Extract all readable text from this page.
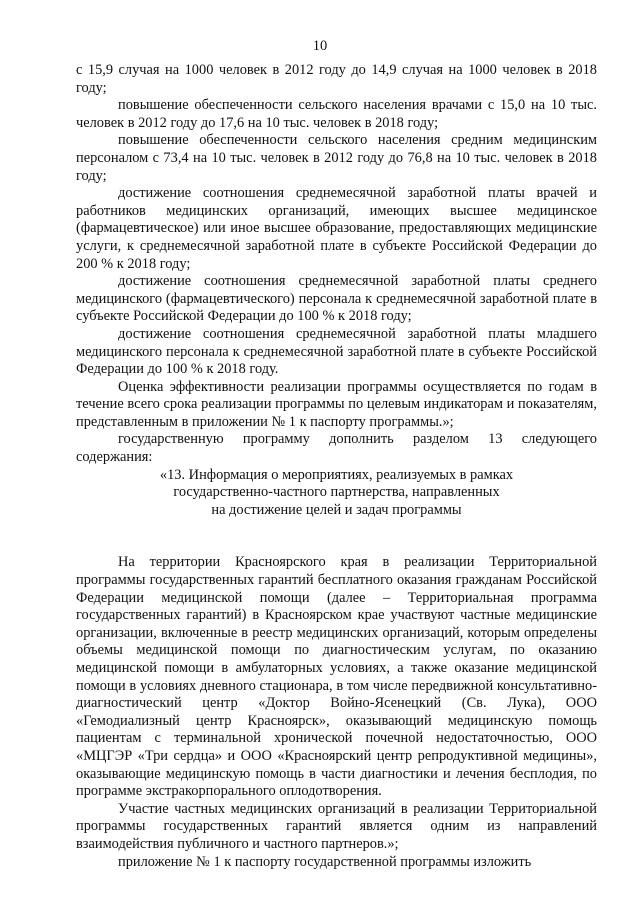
10

с 15,9 случая на 1000 человек в 2012 году до 14,9 случая на 1000 человек в 2018 году;

повышение обеспеченности сельского населения врачами с 15,0 на 10 тыс. человек в 2012 году до 17,6 на 10 тыс. человек в 2018 году;

повышение обеспеченности сельского населения средним медицинским персоналом с 73,4 на 10 тыс. человек в 2012 году до 76,8 на 10 тыс. человек в 2018 году;

достижение соотношения среднемесячной заработной платы врачей и работников медицинских организаций, имеющих высшее медицинское (фармацевтическое) или иное высшее образование, предоставляющих медицинские услуги, к среднемесячной заработной плате в субъекте Российской Федерации до 200 % к 2018 году;

достижение соотношения среднемесячной заработной платы среднего медицинского (фармацевтического) персонала к среднемесячной заработной плате в субъекте Российской Федерации до 100 % к 2018 году;

достижение соотношения среднемесячной заработной платы младшего медицинского персонала к среднемесячной заработной плате в субъекте Российской Федерации до 100 % к 2018 году.

Оценка эффективности реализации программы осуществляется по годам в течение всего срока реализации программы по целевым индикаторам и показателям, представленным в приложении № 1 к паспорту программы.»;

государственную программу дополнить разделом 13 следующего содержания:

«13. Информация о мероприятиях, реализуемых в рамках
государственно-частного партнерства, направленных
на достижение целей и задач программы

На территории Красноярского края в реализации Территориальной программы государственных гарантий бесплатного оказания гражданам Российской Федерации медицинской помощи (далее – Территориальная программа государственных гарантий) в Красноярском крае участвуют частные медицинские организации, включенные в реестр медицинских организаций, которым определены объемы медицинской помощи по диагностическим услугам, по оказанию медицинской помощи в амбулаторных условиях, а также оказание медицинской помощи в условиях дневного стационара, в том числе передвижной консультативно-диагностический центр «Доктор Войно-Ясенецкий (Св. Лука), ООО «Гемодиализный центр Красноярск», оказывающий медицинскую помощь пациентам с терминальной хронической почечной недостаточностью, ООО «МЦГЭР «Три сердца» и ООО «Красноярский центр репродуктивной медицины», оказывающие медицинскую помощь в части диагностики и лечения бесплодия, по программе экстракорпорального оплодотворения.

Участие частных медицинских организаций в реализации Территориальной программы государственных гарантий является одним из направлений взаимодействия публичного и частного партнеров.»;

приложение № 1 к паспорту государственной программы изложить
